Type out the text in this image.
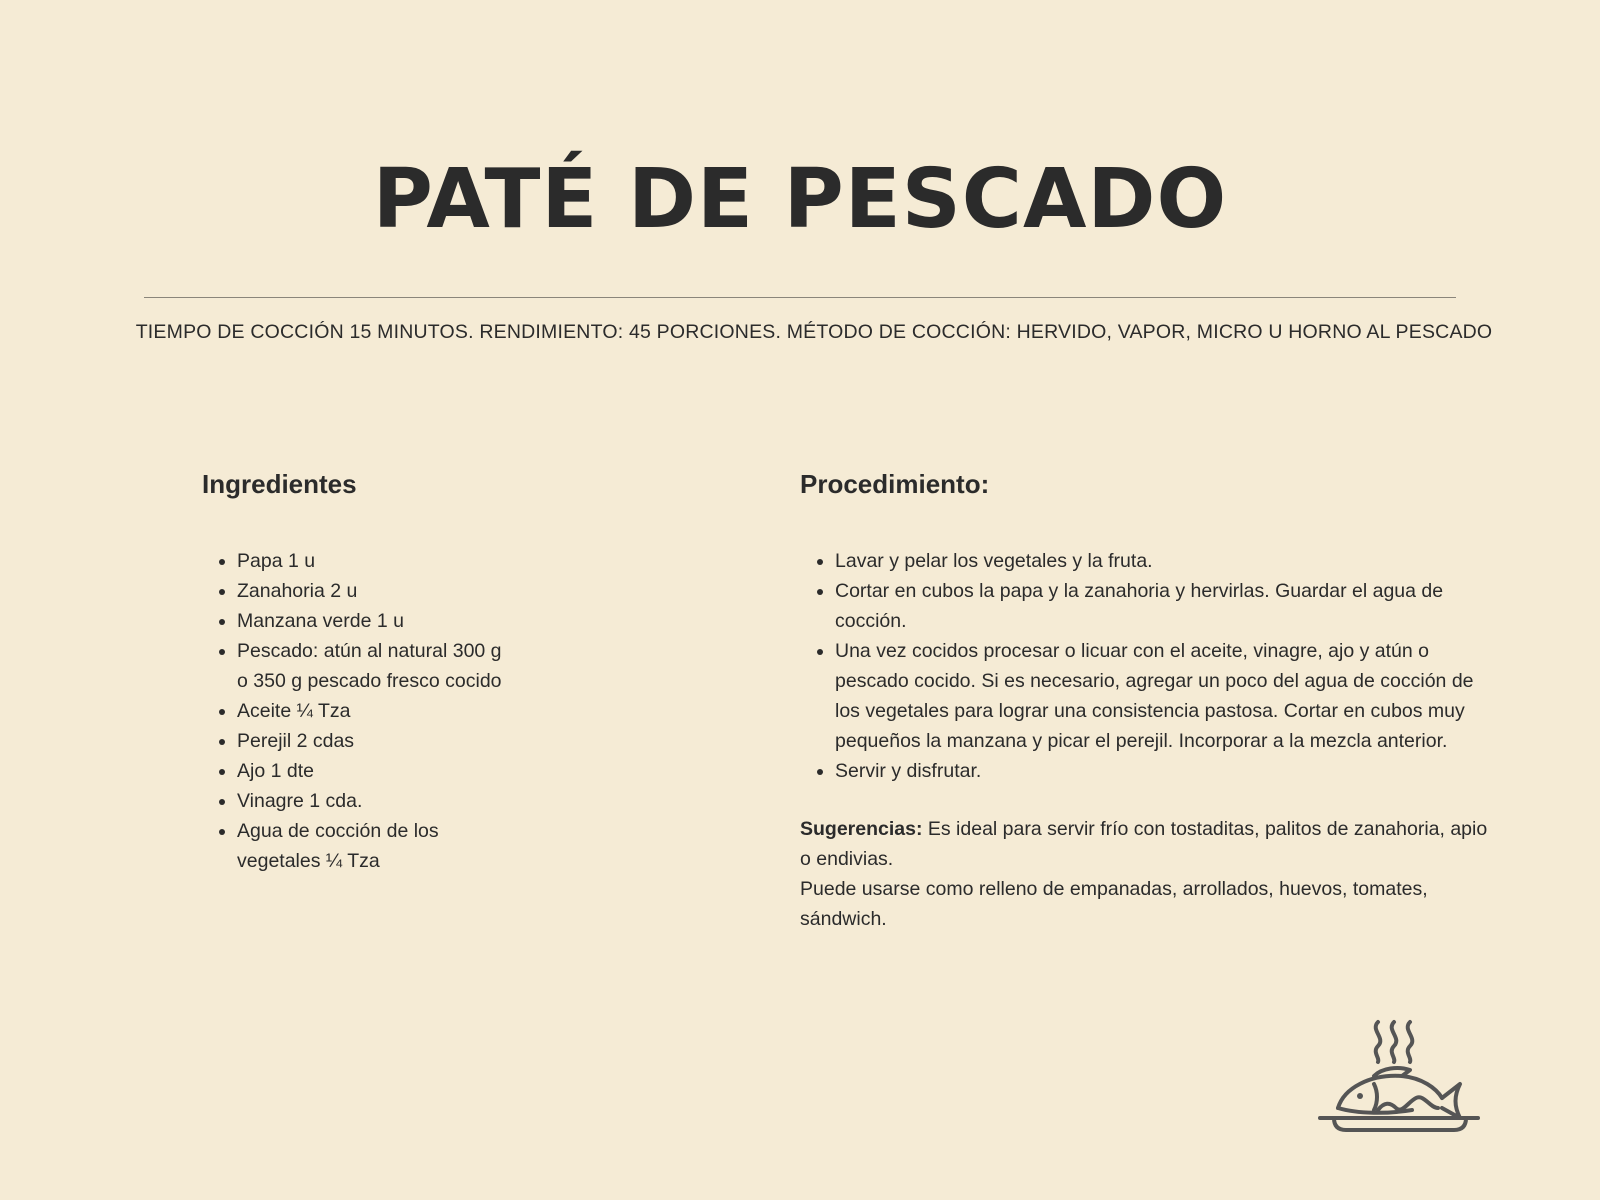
PATÉ DE PESCADO
TIEMPO DE COCCIÓN 15 MINUTOS. RENDIMIENTO: 45 PORCIONES. MÉTODO DE COCCIÓN: HERVIDO, VAPOR, MICRO U HORNO AL PESCADO
Ingredientes
• Papa 1 u
• Zanahoria 2 u
• Manzana verde 1 u
• Pescado: atún al natural 300 g o 350 g pescado fresco cocido
• Aceite ¼ Tza
• Perejil 2 cdas
• Ajo 1 dte
• Vinagre 1 cda.
• Agua de cocción de los vegetales ¼ Tza
Procedimiento:
• Lavar y pelar los vegetales y la fruta.
• Cortar en cubos la papa y la zanahoria y hervirlas. Guardar el agua de cocción.
• Una vez cocidos procesar o licuar con el aceite, vinagre, ajo y atún o pescado cocido. Si es necesario, agregar un poco del agua de cocción de los vegetales para lograr una consistencia pastosa. Cortar en cubos muy pequeños la manzana y picar el perejil. Incorporar a la mezcla anterior.
• Servir y disfrutar.
Sugerencias: Es ideal para servir frío con tostaditas, palitos de zanahoria, apio o endivias.
Puede usarse como relleno de empanadas, arrollados, huevos, tomates, sándwich.
